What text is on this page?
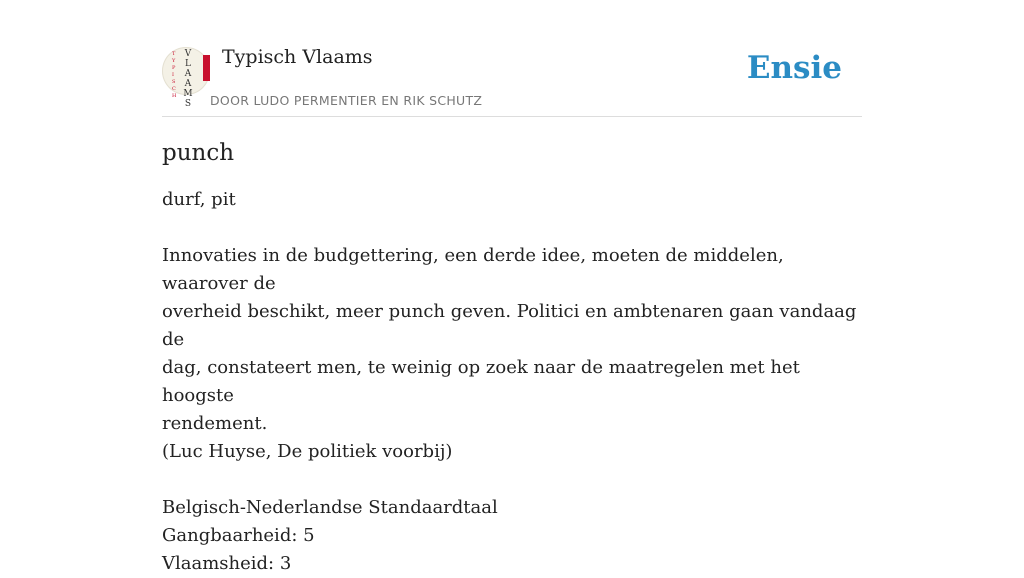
T
Y
P
I
S
C
H
V
L
A
A
M
S
Typisch Vlaams
DOOR LUDO PERMENTIER EN RIK SCHUTZ
Ensie
punch

durf, pit

Innovaties in de budgettering, een derde idee, moeten de middelen, waarover de

overheid beschikt, meer punch geven. Politici en ambtenaren gaan vandaag de

dag, constateert men, te weinig op zoek naar de maatregelen met het hoogste

rendement.

(Luc Huyse, De politiek voorbij)

Belgisch-Nederlandse Standaardtaal

Gangbaarheid: 5

Vlaamsheid: 3
